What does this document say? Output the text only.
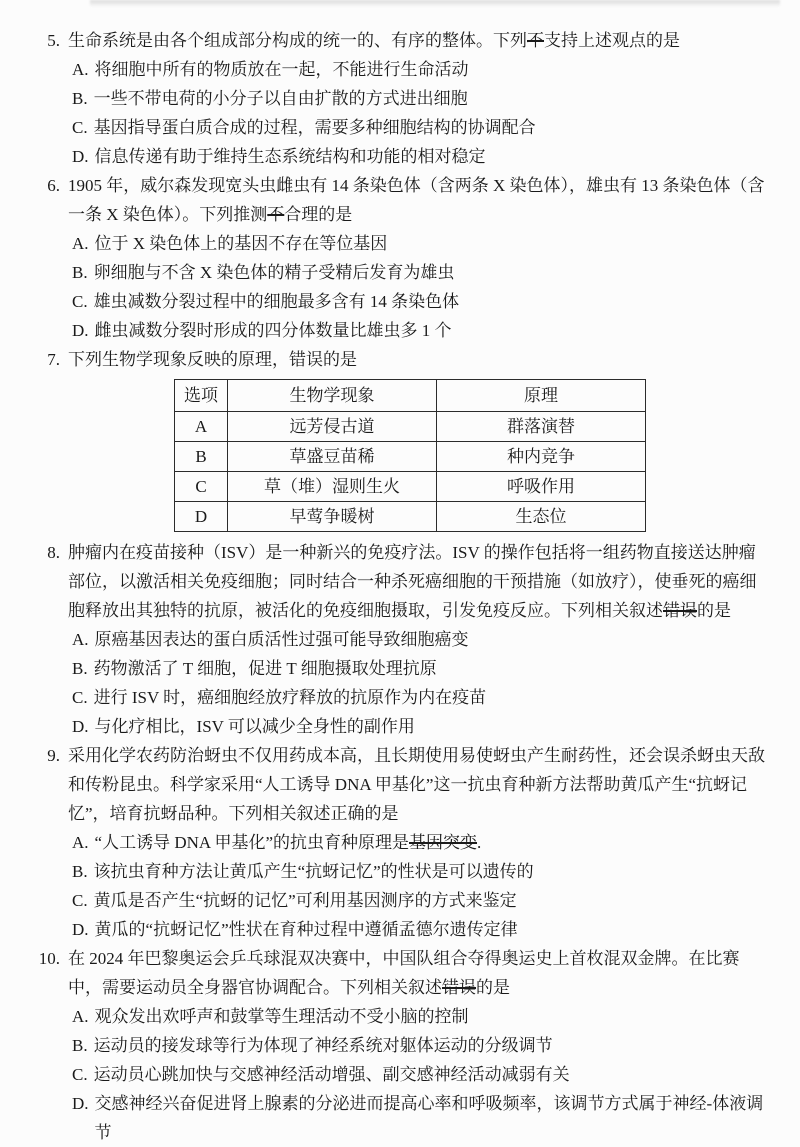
5. 生命系统是由各个组成部分构成的统一的、有序的整体。下列不支持上述观点的是
A. 将细胞中所有的物质放在一起，不能进行生命活动
B. 一些不带电荷的小分子以自由扩散的方式进出细胞
C. 基因指导蛋白质合成的过程，需要多种细胞结构的协调配合
D. 信息传递有助于维持生态系统结构和功能的相对稳定
6. 1905 年，威尔森发现宽头虫雌虫有 14 条染色体（含两条 X 染色体），雄虫有 13 条染色体（含一条 X 染色体）。下列推测不合理的是
A. 位于 X 染色体上的基因不存在等位基因
B. 卵细胞与不含 X 染色体的精子受精后发育为雄虫
C. 雄虫减数分裂过程中的细胞最多含有 14 条染色体
D. 雌虫减数分裂时形成的四分体数量比雄虫多 1 个
7. 下列生物学现象反映的原理，错误的是
选项	生物学现象	原理
A	远芳侵古道	群落演替
B	草盛豆苗稀	种内竞争
C	草（堆）湿则生火	呼吸作用
D	早莺争暖树	生态位
8. 肿瘤内在疫苗接种（ISV）是一种新兴的免疫疗法。ISV 的操作包括将一组药物直接送达肿瘤部位，以激活相关免疫细胞；同时结合一种杀死癌细胞的干预措施（如放疗），使垂死的癌细胞释放出其独特的抗原，被活化的免疫细胞摄取，引发免疫反应。下列相关叙述错误的是
A. 原癌基因表达的蛋白质活性过强可能导致细胞癌变
B. 药物激活了 T 细胞，促进 T 细胞摄取处理抗原
C. 进行 ISV 时，癌细胞经放疗释放的抗原作为内在疫苗
D. 与化疗相比，ISV 可以减少全身性的副作用
9. 采用化学农药防治蚜虫不仅用药成本高，且长期使用易使蚜虫产生耐药性，还会误杀蚜虫天敌和传粉昆虫。科学家采用“人工诱导 DNA 甲基化”这一抗虫育种新方法帮助黄瓜产生“抗蚜记忆”，培育抗蚜品种。下列相关叙述正确的是
A. “人工诱导 DNA 甲基化”的抗虫育种原理是基因突变.
B. 该抗虫育种方法让黄瓜产生“抗蚜记忆”的性状是可以遗传的
C. 黄瓜是否产生“抗蚜的记忆”可利用基因测序的方式来鉴定
D. 黄瓜的“抗蚜记忆”性状在育种过程中遵循孟德尔遗传定律
10. 在 2024 年巴黎奥运会乒乓球混双决赛中，中国队组合夺得奥运史上首枚混双金牌。在比赛中，需要运动员全身器官协调配合。下列相关叙述错误的是
A. 观众发出欢呼声和鼓掌等生理活动不受小脑的控制
B. 运动员的接发球等行为体现了神经系统对躯体运动的分级调节
C. 运动员心跳加快与交感神经活动增强、副交感神经活动减弱有关
D. 交感神经兴奋促进肾上腺素的分泌进而提高心率和呼吸频率，该调节方式属于神经-体液调节
